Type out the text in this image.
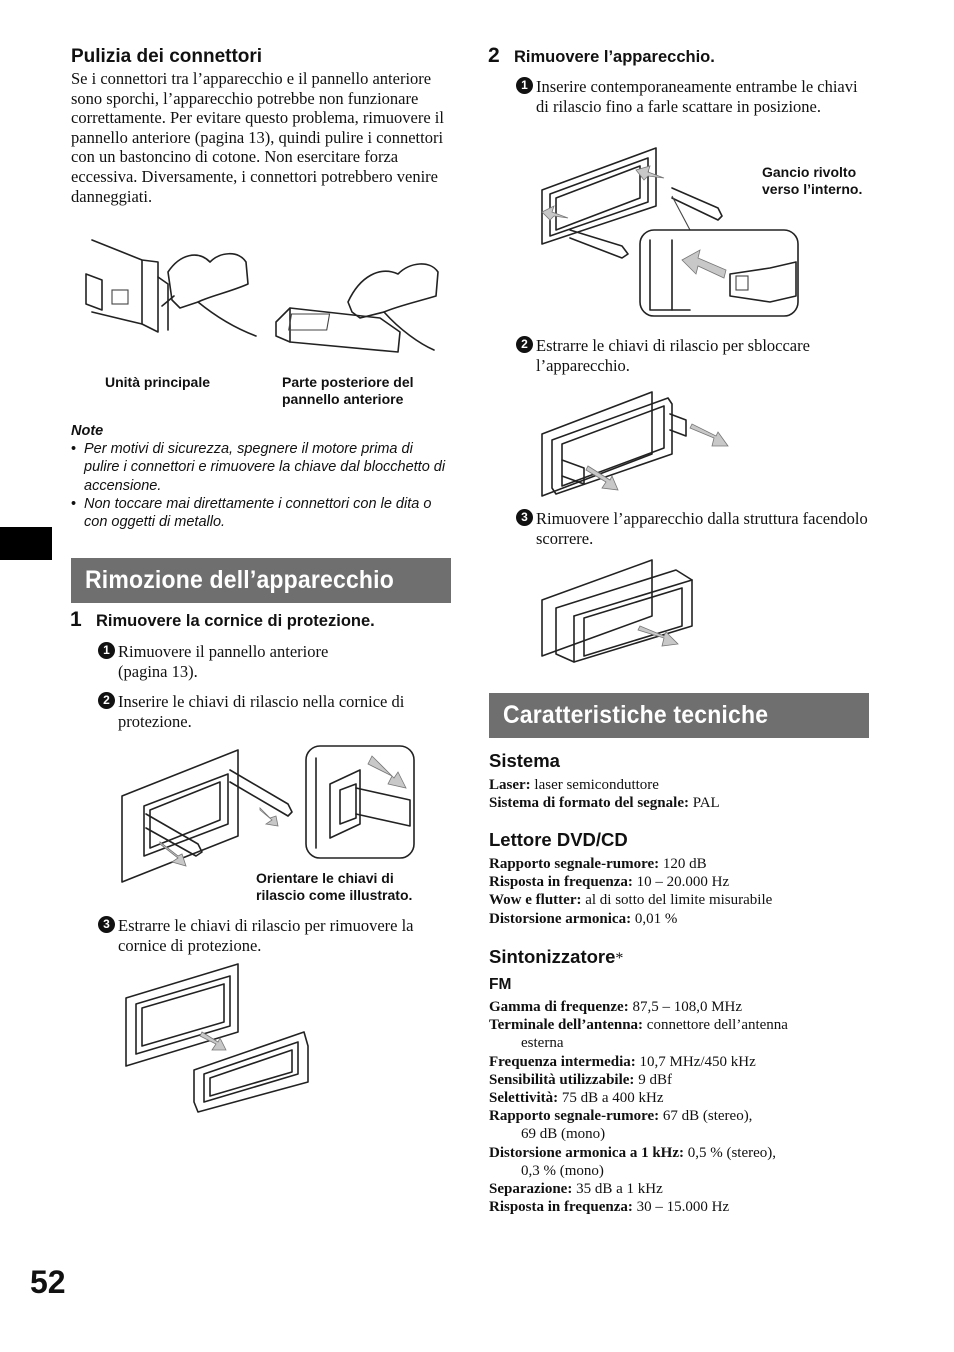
Pulizia dei connettori
Se i connettori tra l’apparecchio e il pannello anteriore sono sporchi, l’apparecchio potrebbe non funzionare correttamente. Per evitare questo problema, rimuovere il pannello anteriore (pagina 13), quindi pulire i connettori con un bastoncino di cotone. Non esercitare forza eccessiva. Diversamente, i connettori potrebbero venire danneggiati.
Unità principale	Parte posteriore del pannello anteriore
Note
• Per motivi di sicurezza, spegnere il motore prima di pulire i connettori e rimuovere la chiave dal blocchetto di accensione.
• Non toccare mai direttamente i connettori con le dita o con oggetti di metallo.
Rimozione dell’apparecchio
1 Rimuovere la cornice di protezione.
1 Rimuovere il pannello anteriore (pagina 13).
2 Inserire le chiavi di rilascio nella cornice di protezione.
Orientare le chiavi di rilascio come illustrato.
3 Estrarre le chiavi di rilascio per rimuovere la cornice di protezione.
2 Rimuovere l’apparecchio.
1 Inserire contemporaneamente entrambe le chiavi di rilascio fino a farle scattare in posizione.
Gancio rivolto verso l’interno.
2 Estrarre le chiavi di rilascio per sbloccare l’apparecchio.
3 Rimuovere l’apparecchio dalla struttura facendolo scorrere.
Caratteristiche tecniche
Sistema
Laser: laser semiconduttore
Sistema di formato del segnale: PAL
Lettore DVD/CD
Rapporto segnale-rumore: 120 dB
Risposta in frequenza: 10 – 20.000 Hz
Wow e flutter: al di sotto del limite misurabile
Distorsione armonica: 0,01 %
Sintonizzatore*
FM
Gamma di frequenze: 87,5 – 108,0 MHz
Terminale dell’antenna: connettore dell’antenna
esterna
Frequenza intermedia: 10,7 MHz/450 kHz
Sensibilità utilizzabile: 9 dBf
Selettività: 75 dB a 400 kHz
Rapporto segnale-rumore: 67 dB (stereo),
69 dB (mono)
Distorsione armonica a 1 kHz: 0,5 % (stereo),
0,3 % (mono)
Separazione: 35 dB a 1 kHz
Risposta in frequenza: 30 – 15.000 Hz
52
